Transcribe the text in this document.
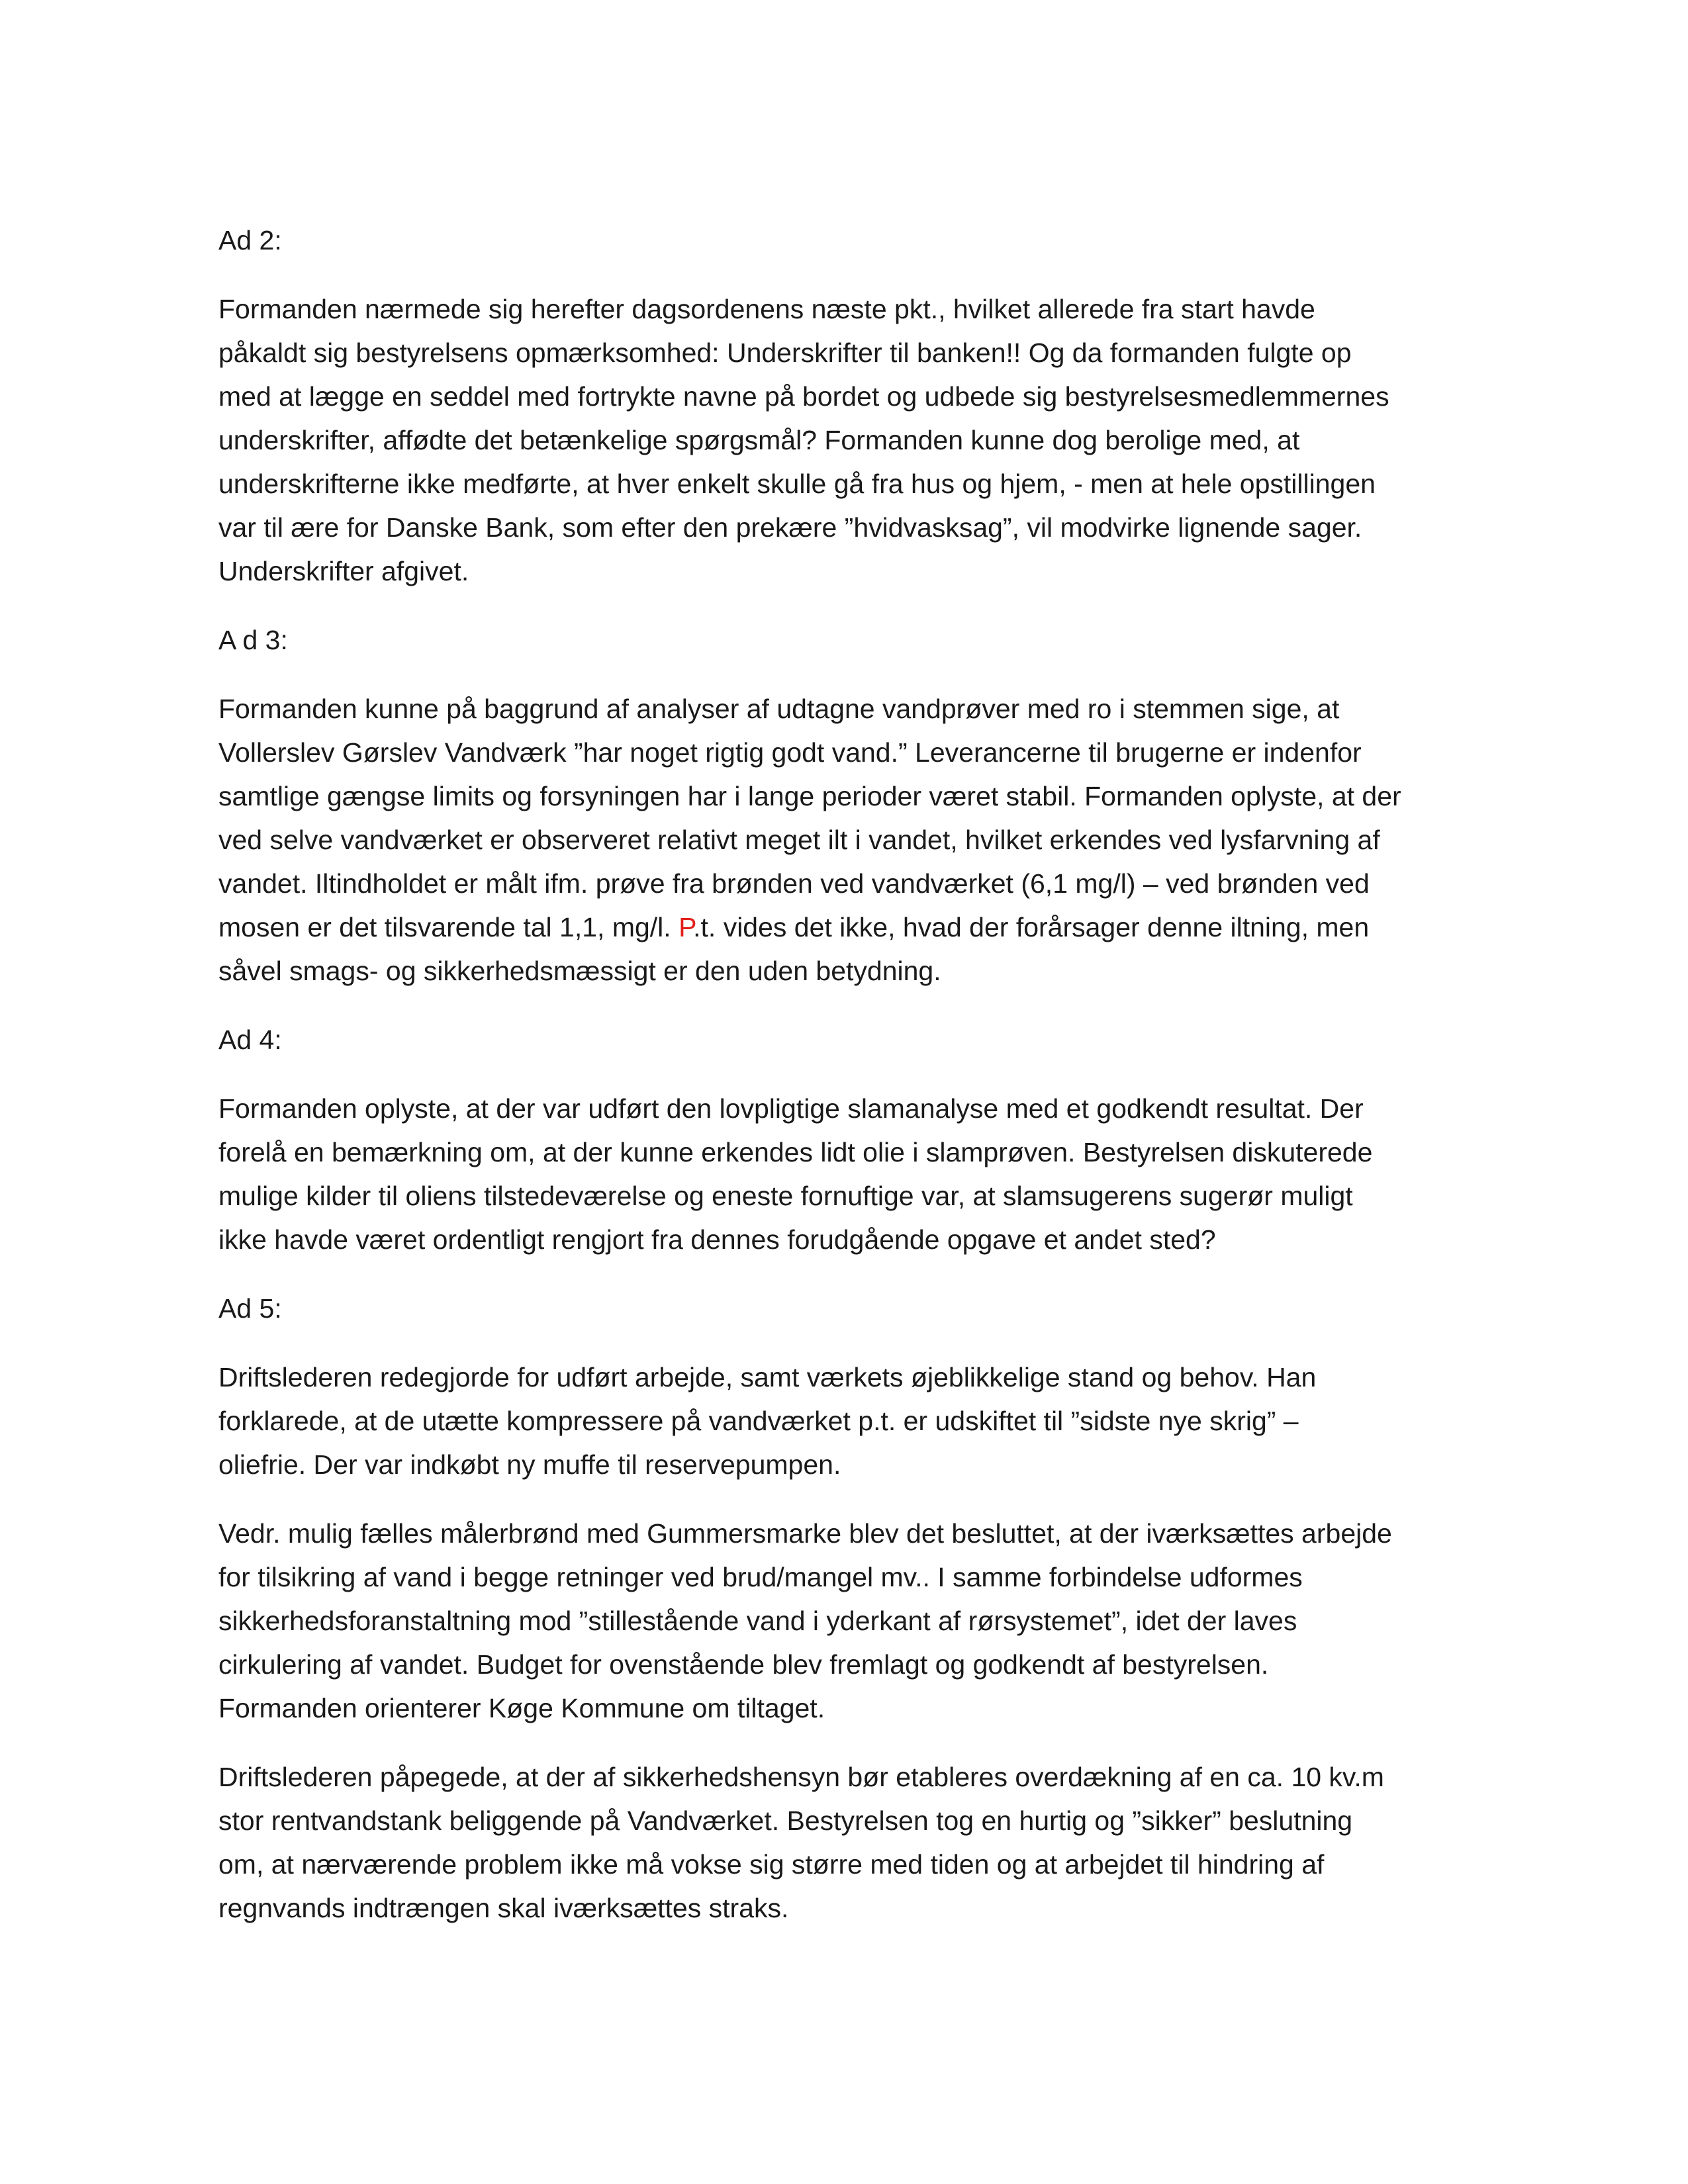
Ad 2:
Formanden nærmede sig herefter dagsordenens næste pkt., hvilket allerede fra start havde
påkaldt sig bestyrelsens opmærksomhed: Underskrifter til banken!! Og da formanden fulgte op
med at lægge en seddel med fortrykte navne på bordet og udbede sig bestyrelsesmedlemmernes
underskrifter, affødte det betænkelige spørgsmål? Formanden kunne dog berolige med, at
underskrifterne ikke medførte, at hver enkelt skulle gå fra hus og hjem, - men at hele opstillingen
var til ære for Danske Bank, som efter den prekære ”hvidvasksag”, vil modvirke lignende sager.
Underskrifter afgivet.
A d 3:
Formanden kunne på baggrund af analyser af udtagne vandprøver med ro i stemmen sige, at
Vollerslev Gørslev Vandværk ”har noget rigtig godt vand.” Leverancerne til brugerne er indenfor
samtlige gængse limits og forsyningen har i lange perioder været stabil. Formanden oplyste, at der
ved selve vandværket er observeret relativt meget ilt i vandet, hvilket erkendes ved lysfarvning af
vandet. Iltindholdet er målt ifm. prøve fra brønden ved vandværket (6,1 mg/l) – ved brønden ved
mosen er det tilsvarende tal 1,1, mg/l. P.t. vides det ikke, hvad der forårsager denne iltning, men
såvel smags- og sikkerhedsmæssigt er den uden betydning.
Ad 4:
Formanden oplyste, at der var udført den lovpligtige slamanalyse med et godkendt resultat. Der
forelå en bemærkning om, at der kunne erkendes lidt olie i slamprøven. Bestyrelsen diskuterede
mulige kilder til oliens tilstedeværelse og eneste fornuftige var, at slamsugerens sugerør muligt
ikke havde været ordentligt rengjort fra dennes forudgående opgave et andet sted?
Ad 5:
Driftslederen redegjorde for udført arbejde, samt værkets øjeblikkelige stand og behov. Han
forklarede, at de utætte kompressere på vandværket p.t. er udskiftet til ”sidste nye skrig” –
oliefrie. Der var indkøbt ny muffe til reservepumpen.
Vedr. mulig fælles målerbrønd med Gummersmarke blev det besluttet, at der iværksættes arbejde
for tilsikring af vand i begge retninger ved brud/mangel mv.. I samme forbindelse udformes
sikkerhedsforanstaltning mod ”stillestående vand i yderkant af rørsystemet”, idet der laves
cirkulering af vandet. Budget for ovenstående blev fremlagt og godkendt af bestyrelsen.
Formanden orienterer Køge Kommune om tiltaget.
Driftslederen påpegede, at der af sikkerhedshensyn bør etableres overdækning af en ca. 10 kv.m
stor rentvandstank beliggende på Vandværket. Bestyrelsen tog en hurtig og ”sikker” beslutning
om, at nærværende problem ikke må vokse sig større med tiden og at arbejdet til hindring af
regnvands indtrængen skal iværksættes straks.
